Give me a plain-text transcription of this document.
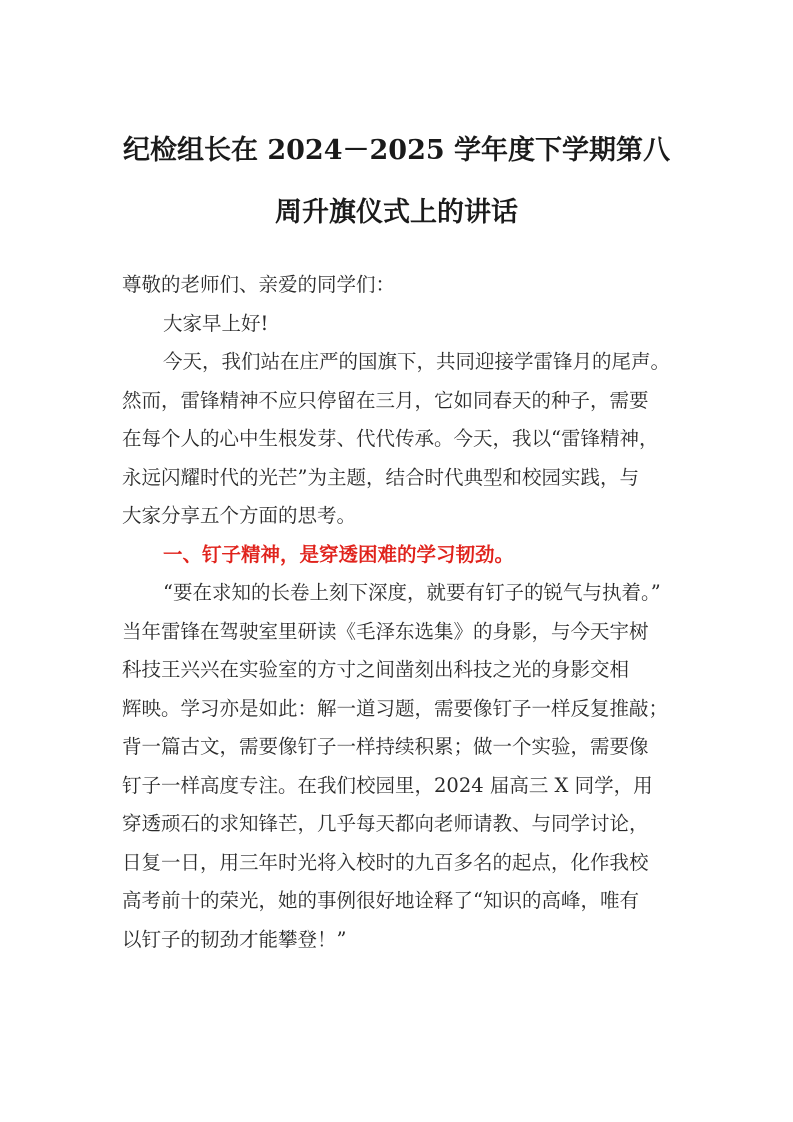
纪检组长在 2024－2025 学年度下学期第八
周升旗仪式上的讲话
尊敬的老师们、亲爱的同学们：
大家早上好!
今天，我们站在庄严的国旗下，共同迎接学雷锋月的尾声。
然而，雷锋精神不应只停留在三月，它如同春天的种子，需要
在每个人的心中生根发芽、代代传承。今天，我以“雷锋精神，
永远闪耀时代的光芒”为主题，结合时代典型和校园实践，与
大家分享五个方面的思考。
一、钉子精神，是穿透困难的学习韧劲。
“要在求知的长卷上刻下深度，就要有钉子的锐气与执着。”
当年雷锋在驾驶室里研读《毛泽东选集》的身影，与今天宇树
科技王兴兴在实验室的方寸之间凿刻出科技之光的身影交相
辉映。学习亦是如此：解一道习题，需要像钉子一样反复推敲；
背一篇古文，需要像钉子一样持续积累；做一个实验，需要像
钉子一样高度专注。在我们校园里，2024 届高三 X 同学，用
穿透顽石的求知锋芒，几乎每天都向老师请教、与同学讨论，
日复一日，用三年时光将入校时的九百多名的起点，化作我校
高考前十的荣光，她的事例很好地诠释了“知识的高峰，唯有
以钉子的韧劲才能攀登！”
